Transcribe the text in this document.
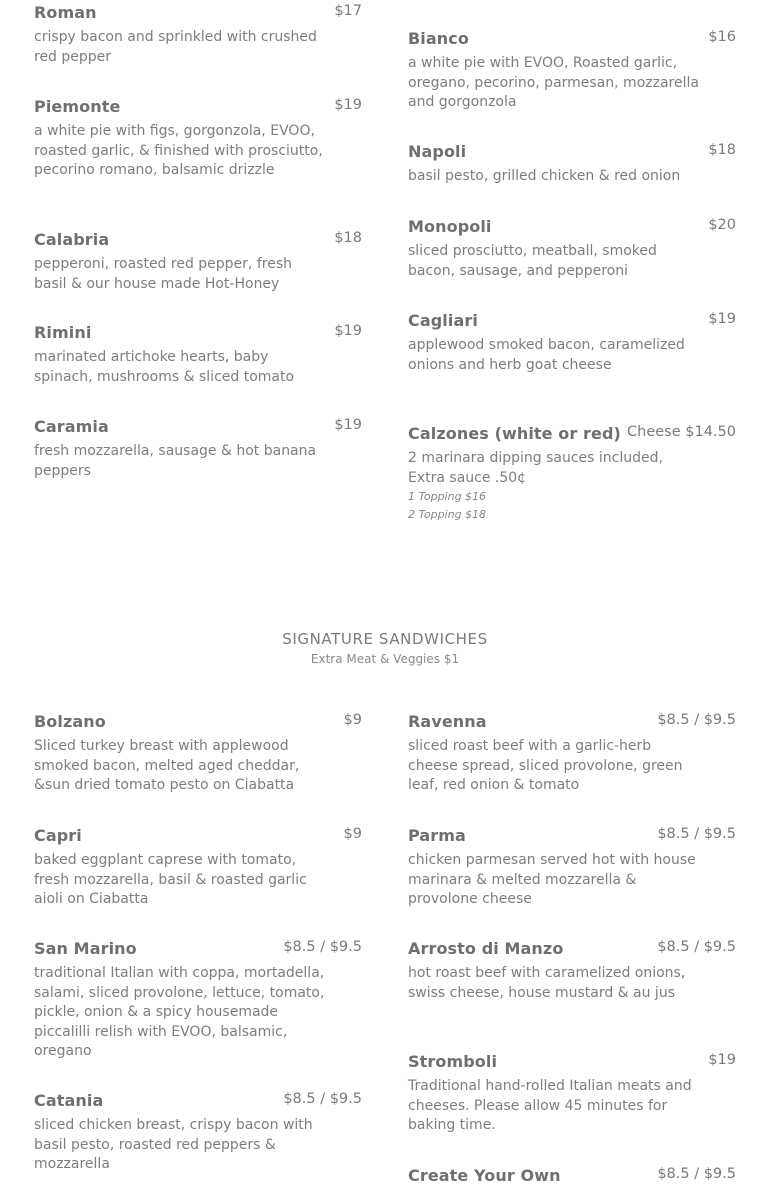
Roman	$17
crispy bacon and sprinkled with crushed red pepper
Piemonte	$19
a white pie with figs, gorgonzola, EVOO, roasted garlic, & finished with prosciutto, pecorino romano, balsamic drizzle
Calabria	$18
pepperoni, roasted red pepper, fresh basil & our house made Hot-Honey
Rimini	$19
marinated artichoke hearts, baby spinach, mushrooms & sliced tomato
Caramia	$19
fresh mozzarella, sausage & hot banana peppers
Bianco	$16
a white pie with EVOO, Roasted garlic, oregano, pecorino, parmesan, mozzarella and gorgonzola
Napoli	$18
basil pesto, grilled chicken & red onion
Monopoli	$20
sliced prosciutto, meatball, smoked bacon, sausage, and pepperoni
Cagliari	$19
applewood smoked bacon, caramelized onions and herb goat cheese
Calzones (white or red) Cheese $14.50
2 marinara dipping sauces included, Extra sauce .50¢
1 Topping $16
2 Topping $18
SIGNATURE SANDWICHES
Extra Meat & Veggies $1
Bolzano	$9
Sliced turkey breast with applewood smoked bacon, melted aged cheddar, &sun dried tomato pesto on Ciabatta
Capri	$9
baked eggplant caprese with tomato, fresh mozzarella, basil & roasted garlic aioli on Ciabatta
San Marino	$8.5 / $9.5
traditional Italian with coppa, mortadella, salami, sliced provolone, lettuce, tomato, pickle, onion & a spicy housemade piccalilli relish with EVOO, balsamic, oregano
Catania	$8.5 / $9.5
sliced chicken breast, crispy bacon with basil pesto, roasted red peppers & mozzarella
Ravenna	$8.5 / $9.5
sliced roast beef with a garlic-herb cheese spread, sliced provolone, green leaf, red onion & tomato
Parma	$8.5 / $9.5
chicken parmesan served hot with house marinara & melted mozzarella & provolone cheese
Arrosto di Manzo	$8.5 / $9.5
hot roast beef with caramelized onions, swiss cheese, house mustard & au jus
Stromboli	$19
Traditional hand-rolled Italian meats and cheeses. Please allow 45 minutes for baking time.
Create Your Own	$8.5 / $9.5
